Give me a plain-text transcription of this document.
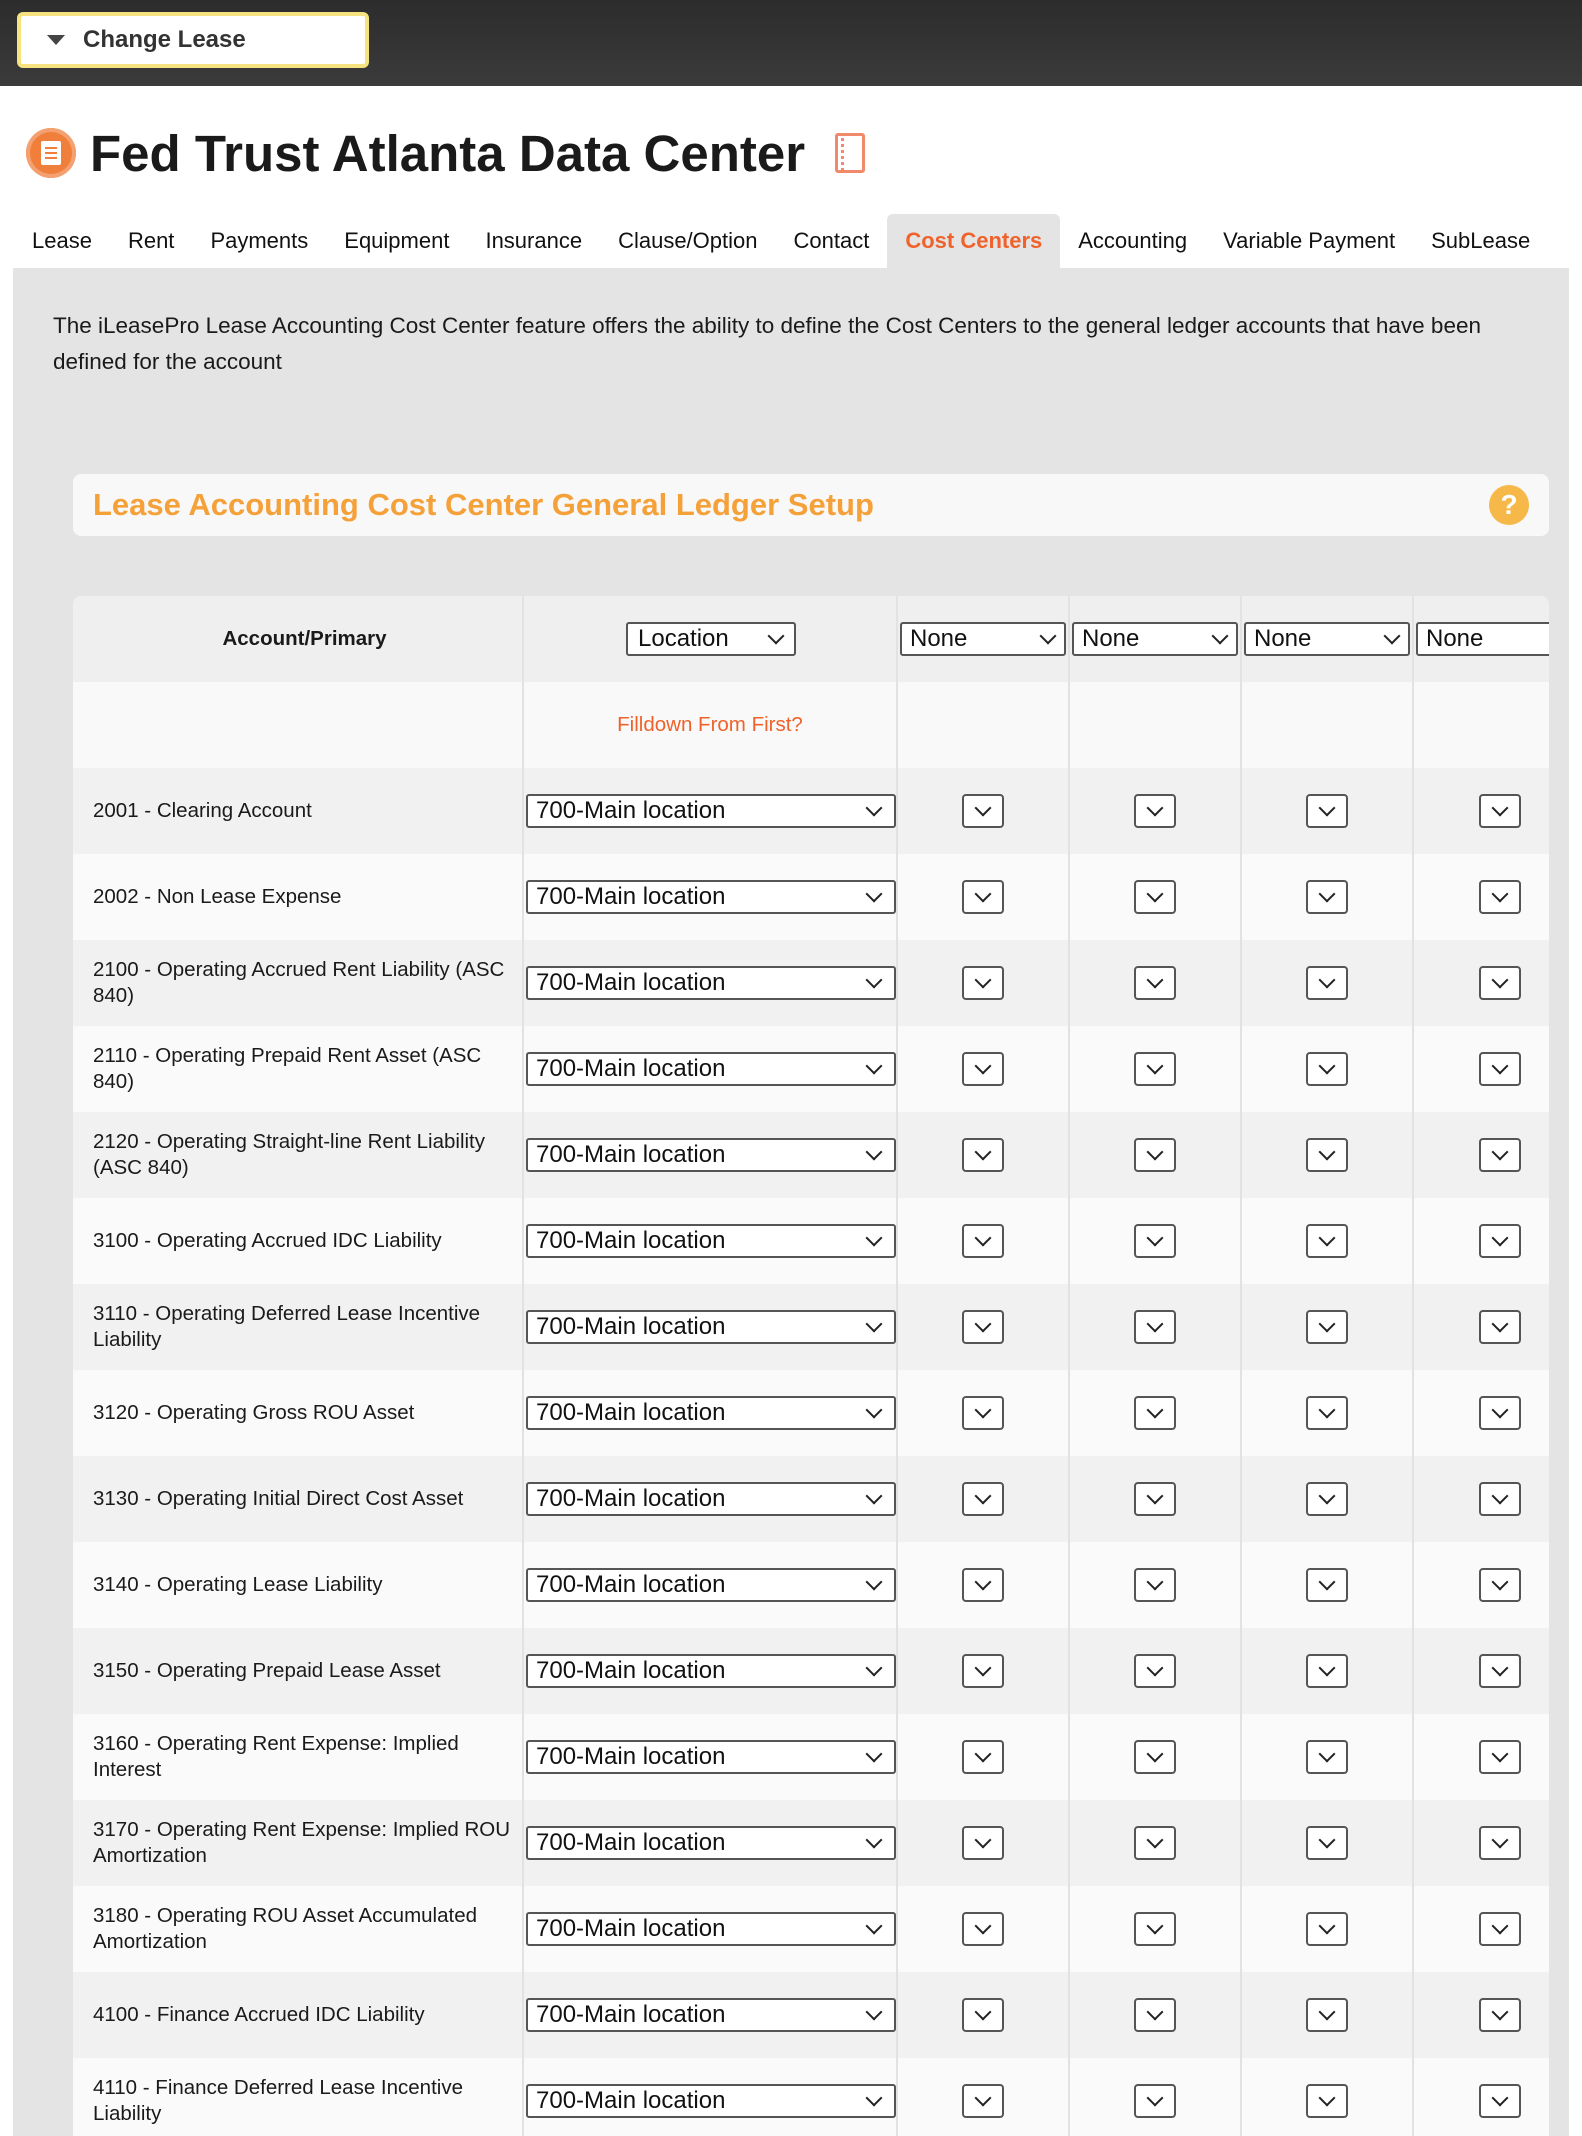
Change Lease
Fed Trust Atlanta Data Center
Lease	Rent	Payments	Equipment	Insurance	Clause/Option	Contact	Cost Centers	Accounting	Variable Payment	SubLease
The iLeasePro Lease Accounting Cost Center feature offers the ability to define the Cost Centers to the general ledger accounts that have been defined for the account
Lease Accounting Cost Center General Ledger Setup	?
Account/Primary	Location	None	None	None	None

	Filldown From First?				
2001 - Clearing Account	700-Main location				

2002 - Non Lease Expense	700-Main location				

2100 - Operating Accrued Rent Liability (ASC 840)	700-Main location				

2110 - Operating Prepaid Rent Asset (ASC 840)	700-Main location				

2120 - Operating Straight-line Rent Liability (ASC 840)	700-Main location				

3100 - Operating Accrued IDC Liability	700-Main location				

3110 - Operating Deferred Lease Incentive Liability	700-Main location				

3120 - Operating Gross ROU Asset	700-Main location				

3130 - Operating Initial Direct Cost Asset	700-Main location				

3140 - Operating Lease Liability	700-Main location				

3150 - Operating Prepaid Lease Asset	700-Main location				

3160 - Operating Rent Expense: Implied Interest	700-Main location				

3170 - Operating Rent Expense: Implied ROU Amortization	700-Main location				

3180 - Operating ROU Asset Accumulated Amortization	700-Main location				

4100 - Finance Accrued IDC Liability	700-Main location				

4110 - Finance Deferred Lease Incentive Liability	700-Main location				
